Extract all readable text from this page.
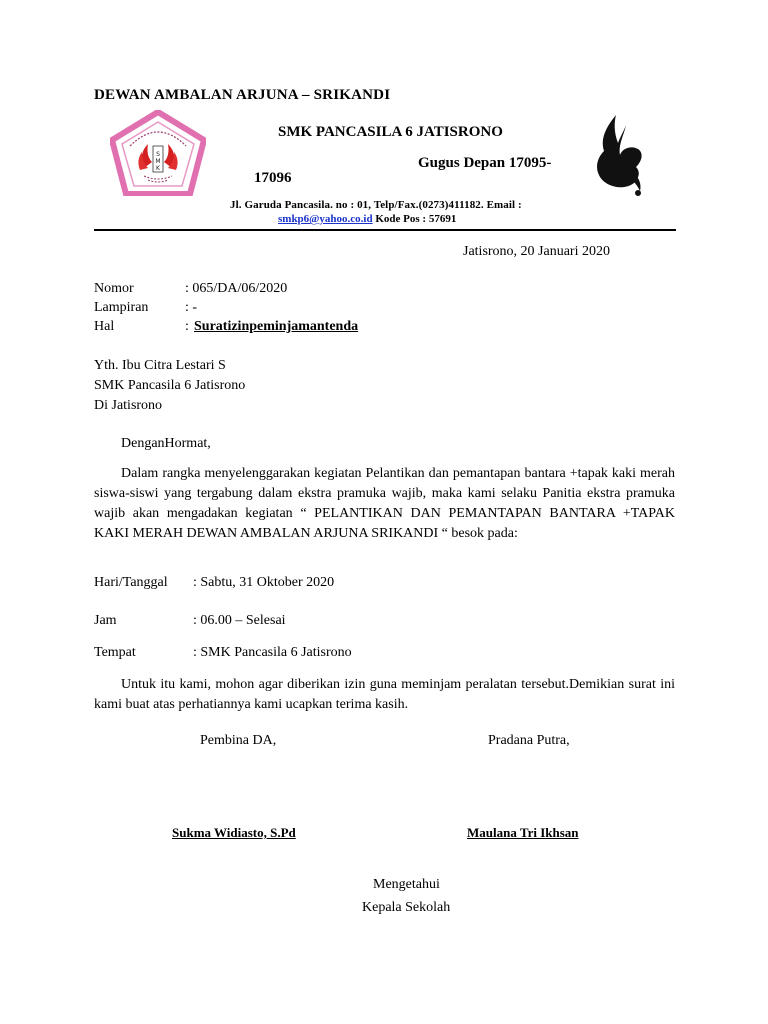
DEWAN AMBALAN ARJUNA – SRIKANDI
S
M
K
SMK PANCASILA 6 JATISRONO
Gugus Depan 17095-
17096
Jl. Garuda Pancasila. no : 01, Telp/Fax.(0273)411182. Email :
smkp6@yahoo.co.id Kode Pos : 57691
Jatisrono, 20 Januari 2020
Nomor	: 065/DA/06/2020
Lampiran	: -
Hal	: Suratizinpeminjamantenda
Yth. Ibu Citra Lestari S
SMK Pancasila 6 Jatisrono
Di Jatisrono
DenganHormat,
Dalam rangka menyelenggarakan kegiatan Pelantikan dan pemantapan bantara +tapak kaki merah siswa-siswi yang tergabung dalam ekstra pramuka wajib, maka kami selaku Panitia ekstra pramuka wajib akan mengadakan kegiatan “ PELANTIKAN DAN PEMANTAPAN BANTARA +TAPAK KAKI MERAH DEWAN AMBALAN ARJUNA SRIKANDI “ besok pada:
Hari/Tanggal : Sabtu, 31 Oktober 2020
Jam	: 06.00 – Selesai
Tempat	: SMK Pancasila 6 Jatisrono
Untuk itu kami, mohon agar diberikan izin guna meminjam peralatan tersebut.Demikian surat ini kami buat atas perhatiannya kami ucapkan terima kasih.
Pembina DA,	Pradana Putra,
Sukma Widiasto, S.Pd	Maulana Tri Ikhsan
Mengetahui
Kepala Sekolah
